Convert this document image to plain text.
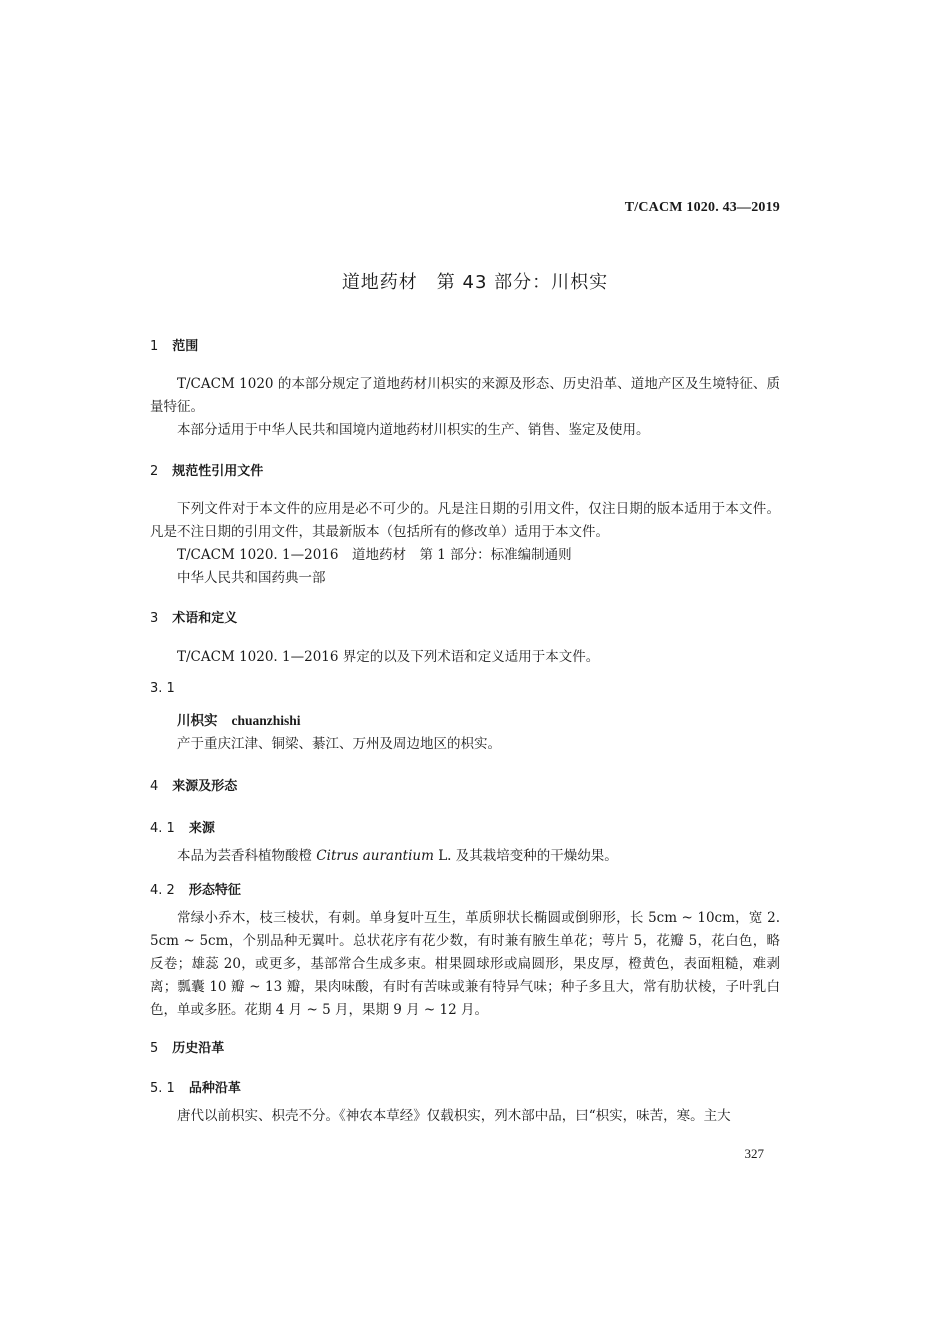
T/CACM 1020. 43—2019
道地药材　第 43 部分：川枳实
1 范围

T/CACM 1020 的本部分规定了道地药材川枳实的来源及形态、历史沿革、道地产区及生境特征、质量特征。

本部分适用于中华人民共和国境内道地药材川枳实的生产、销售、鉴定及使用。

2 规范性引用文件

下列文件对于本文件的应用是必不可少的。凡是注日期的引用文件，仅注日期的版本适用于本文件。凡是不注日期的引用文件，其最新版本（包括所有的修改单）适用于本文件。

T/CACM 1020. 1—2016　道地药材　第 1 部分：标准编制通则

中华人民共和国药典一部

3 术语和定义

T/CACM 1020. 1—2016 界定的以及下列术语和定义适用于本文件。

3. 1

川枳实 chuanzhishi

产于重庆江津、铜梁、綦江、万州及周边地区的枳实。

4 来源及形态
4. 1 来源

本品为芸香科植物酸橙 Citrus aurantium L. 及其栽培变种的干燥幼果。

4. 2 形态特征

常绿小乔木，枝三棱状，有刺。单身复叶互生，革质卵状长椭圆或倒卵形，长 5cm ~ 10cm，宽 2. 5cm ~ 5cm，个别品种无翼叶。总状花序有花少数，有时兼有腋生单花；萼片 5，花瓣 5，花白色，略反卷；雄蕊 20，或更多，基部常合生成多束。柑果圆球形或扁圆形，果皮厚，橙黄色，表面粗糙，难剥离；瓢囊 10 瓣 ~ 13 瓣，果肉味酸，有时有苦味或兼有特异气味；种子多且大，常有肋状棱，子叶乳白色，单或多胚。花期 4 月 ~ 5 月，果期 9 月 ~ 12 月。

5 历史沿革
5. 1 品种沿革

唐代以前枳实、枳壳不分。《神农本草经》仅载枳实，列木部中品，曰“枳实，味苦，寒。主大

327
